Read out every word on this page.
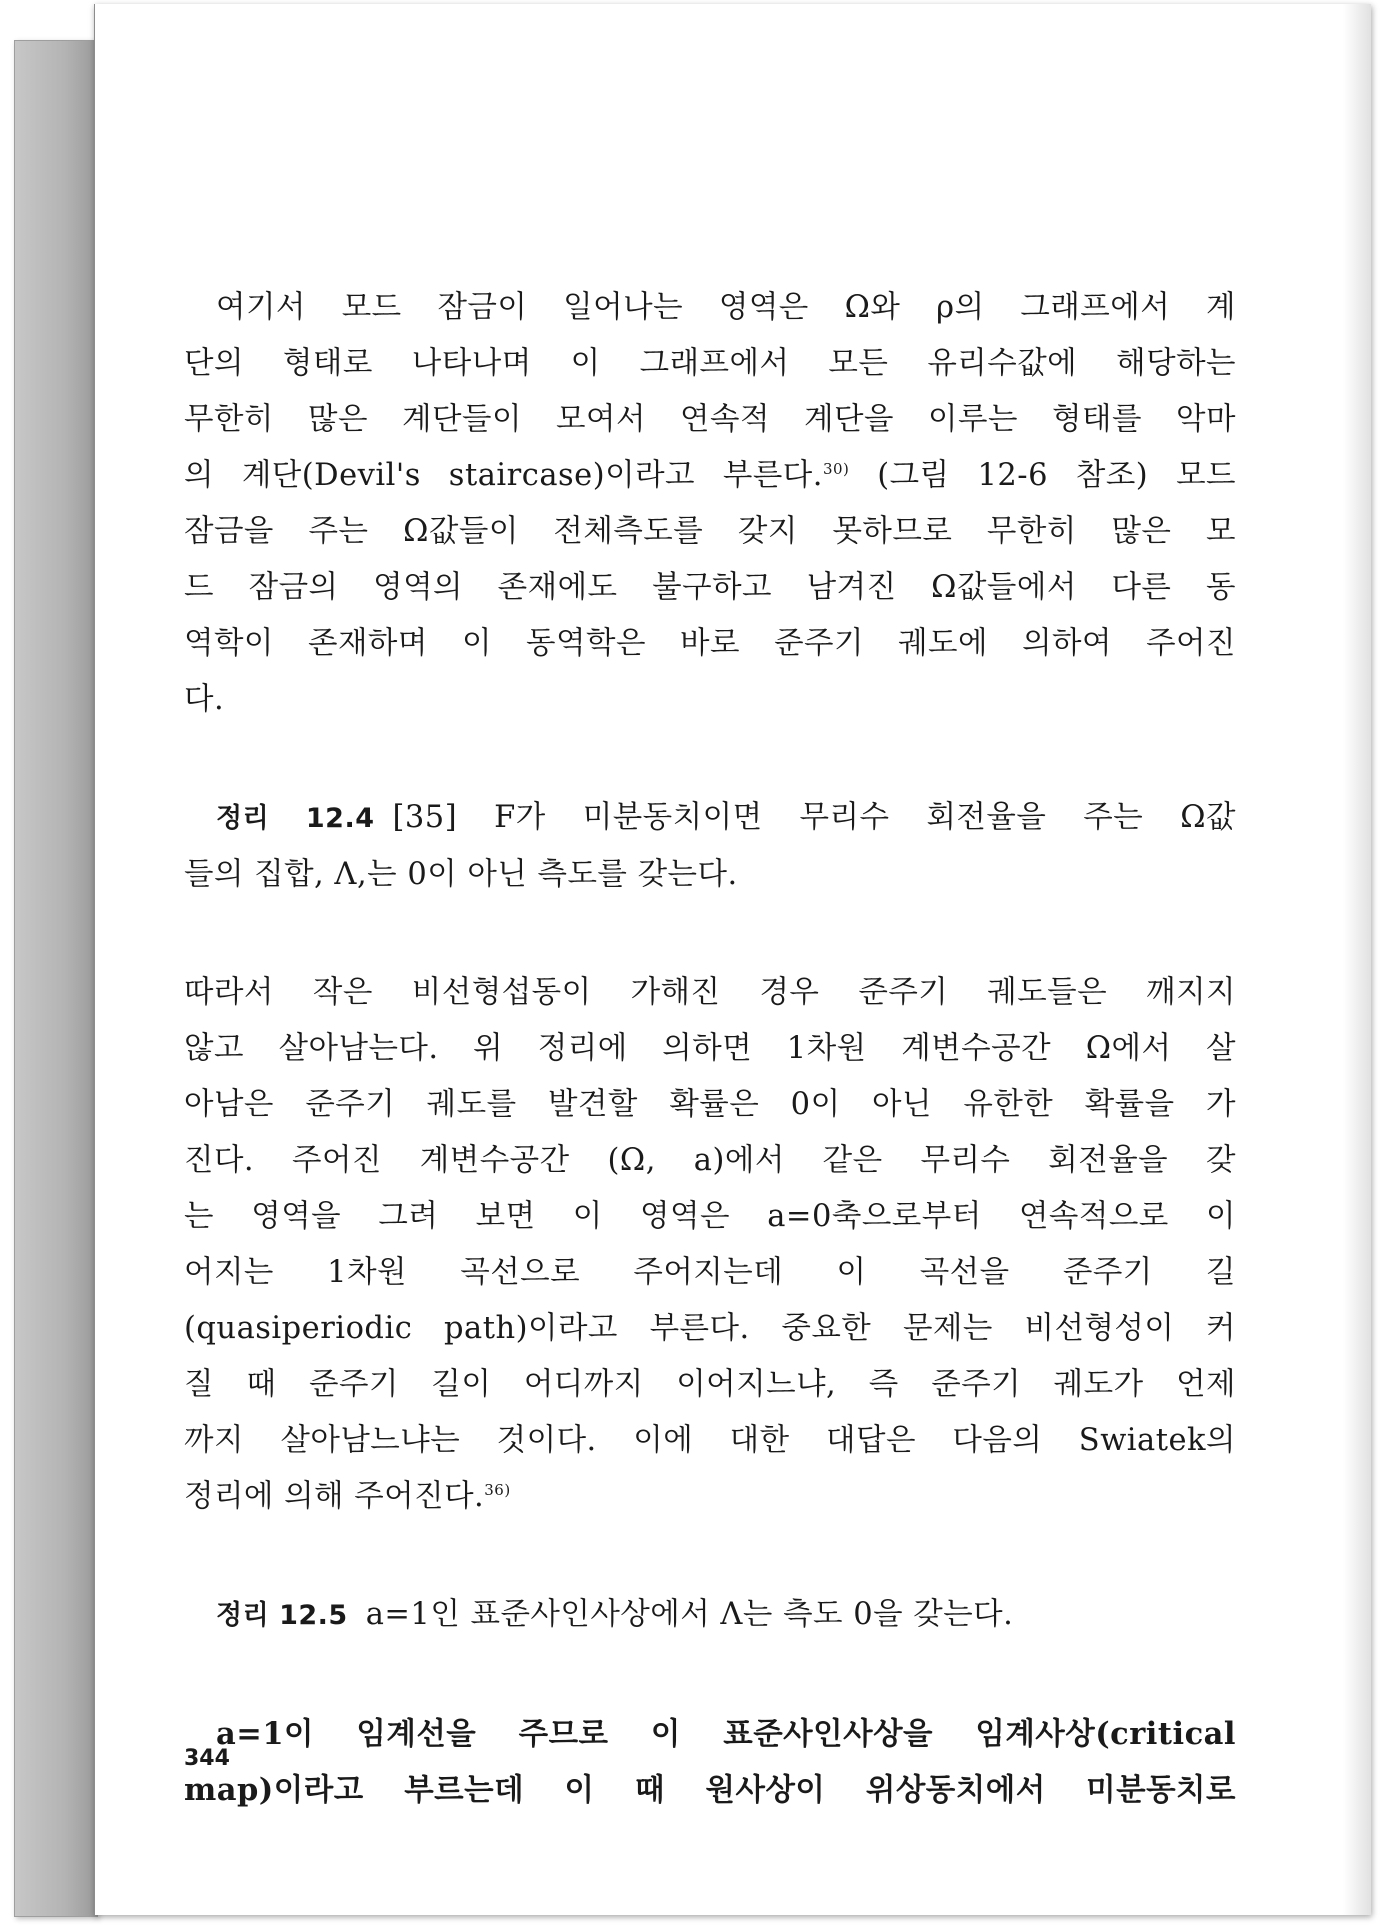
여기서 모드 잠금이 일어나는 영역은 Ω와 ρ의 그래프에서 계
단의 형태로 나타나며 이 그래프에서 모든 유리수값에 해당하는
무한히 많은 계단들이 모여서 연속적 계단을 이루는 형태를 악마
의 계단(Devil's staircase)이라고 부른다.$^{30)}$ (그림 12-6 참조) 모드
잠금을 주는 Ω값들이 전체측도를 갖지 못하므로 무한히 많은 모
드 잠금의 영역의 존재에도 불구하고 남겨진 Ω값들에서 다른 동
역학이 존재하며 이 동역학은 바로 준주기 궤도에 의하여 주어진
다.
정리 12.4 [35] F가 미분동치이면 무리수 회전율을 주는 Ω값
들의 집합, Λ,는 0이 아닌 측도를 갖는다.
따라서 작은 비선형섭동이 가해진 경우 준주기 궤도들은 깨지지
않고 살아남는다. 위 정리에 의하면 1차원 계변수공간 Ω에서 살
아남은 준주기 궤도를 발견할 확률은 0이 아닌 유한한 확률을 가
진다. 주어진 계변수공간 (Ω, a)에서 같은 무리수 회전율을 갖
는 영역을 그려 보면 이 영역은 a=0축으로부터 연속적으로 이
어지는 1차원 곡선으로 주어지는데 이 곡선을 준주기 길
(quasiperiodic path)이라고 부른다. 중요한 문제는 비선형성이 커
질 때 준주기 길이 어디까지 이어지느냐, 즉 준주기 궤도가 언제
까지 살아남느냐는 것이다. 이에 대한 대답은 다음의 Swiatek의
정리에 의해 주어진다.$^{36)}$
정리 12.5 a=1인 표준사인사상에서 Λ는 측도 0을 갖는다.
a=1이 임계선을 주므로 이 표준사인사상을 임계사상(critical
map)이라고 부르는데 이 때 원사상이 위상동치에서 미분동치로
344
